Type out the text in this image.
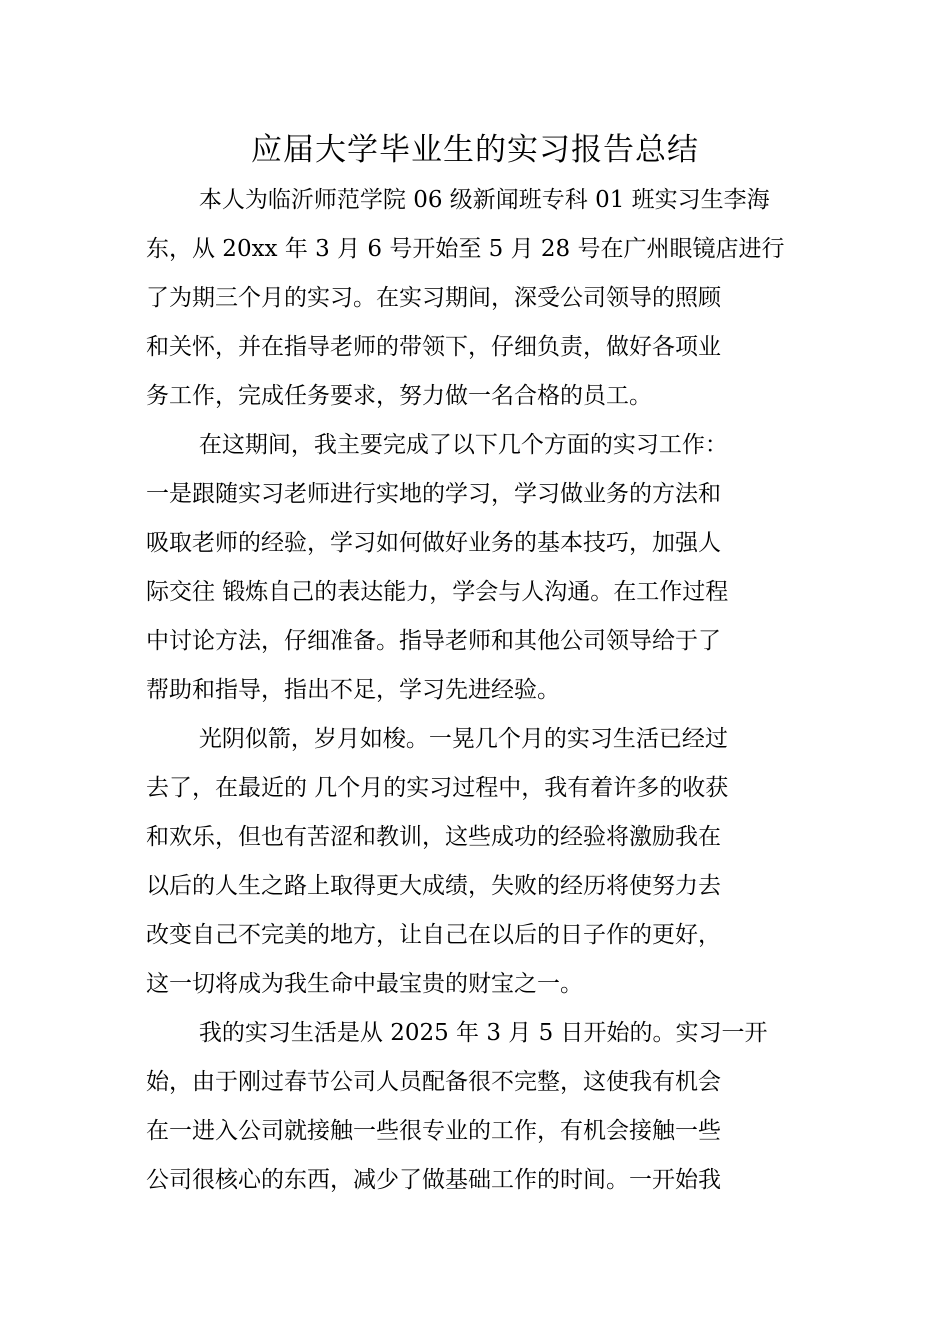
应届大学毕业生的实习报告总结
本人为临沂师范学院 06 级新闻班专科 01 班实习生李海
东，从 20xx 年 3 月 6 号开始至 5 月 28 号在广州眼镜店进行
了为期三个月的实习。在实习期间，深受公司领导的照顾
和关怀，并在指导老师的带领下，仔细负责，做好各项业
务工作，完成任务要求，努力做一名合格的员工。
在这期间，我主要完成了以下几个方面的实习工作：
一是跟随实习老师进行实地的学习，学习做业务的方法和
吸取老师的经验，学习如何做好业务的基本技巧，加强人
际交往 锻炼自己的表达能力，学会与人沟通。在工作过程
中讨论方法，仔细准备。指导老师和其他公司领导给于了
帮助和指导，指出不足，学习先进经验。
光阴似箭，岁月如梭。一晃几个月的实习生活已经过
去了，在最近的 几个月的实习过程中，我有着许多的收获
和欢乐，但也有苦涩和教训，这些成功的经验将激励我在
以后的人生之路上取得更大成绩，失败的经历将使努力去
改变自己不完美的地方，让自己在以后的日子作的更好，
这一切将成为我生命中最宝贵的财宝之一。
我的实习生活是从 2025 年 3 月 5 日开始的。实习一开
始，由于刚过春节公司人员配备很不完整，这使我有机会
在一进入公司就接触一些很专业的工作，有机会接触一些
公司很核心的东西，减少了做基础工作的时间。一开始我
